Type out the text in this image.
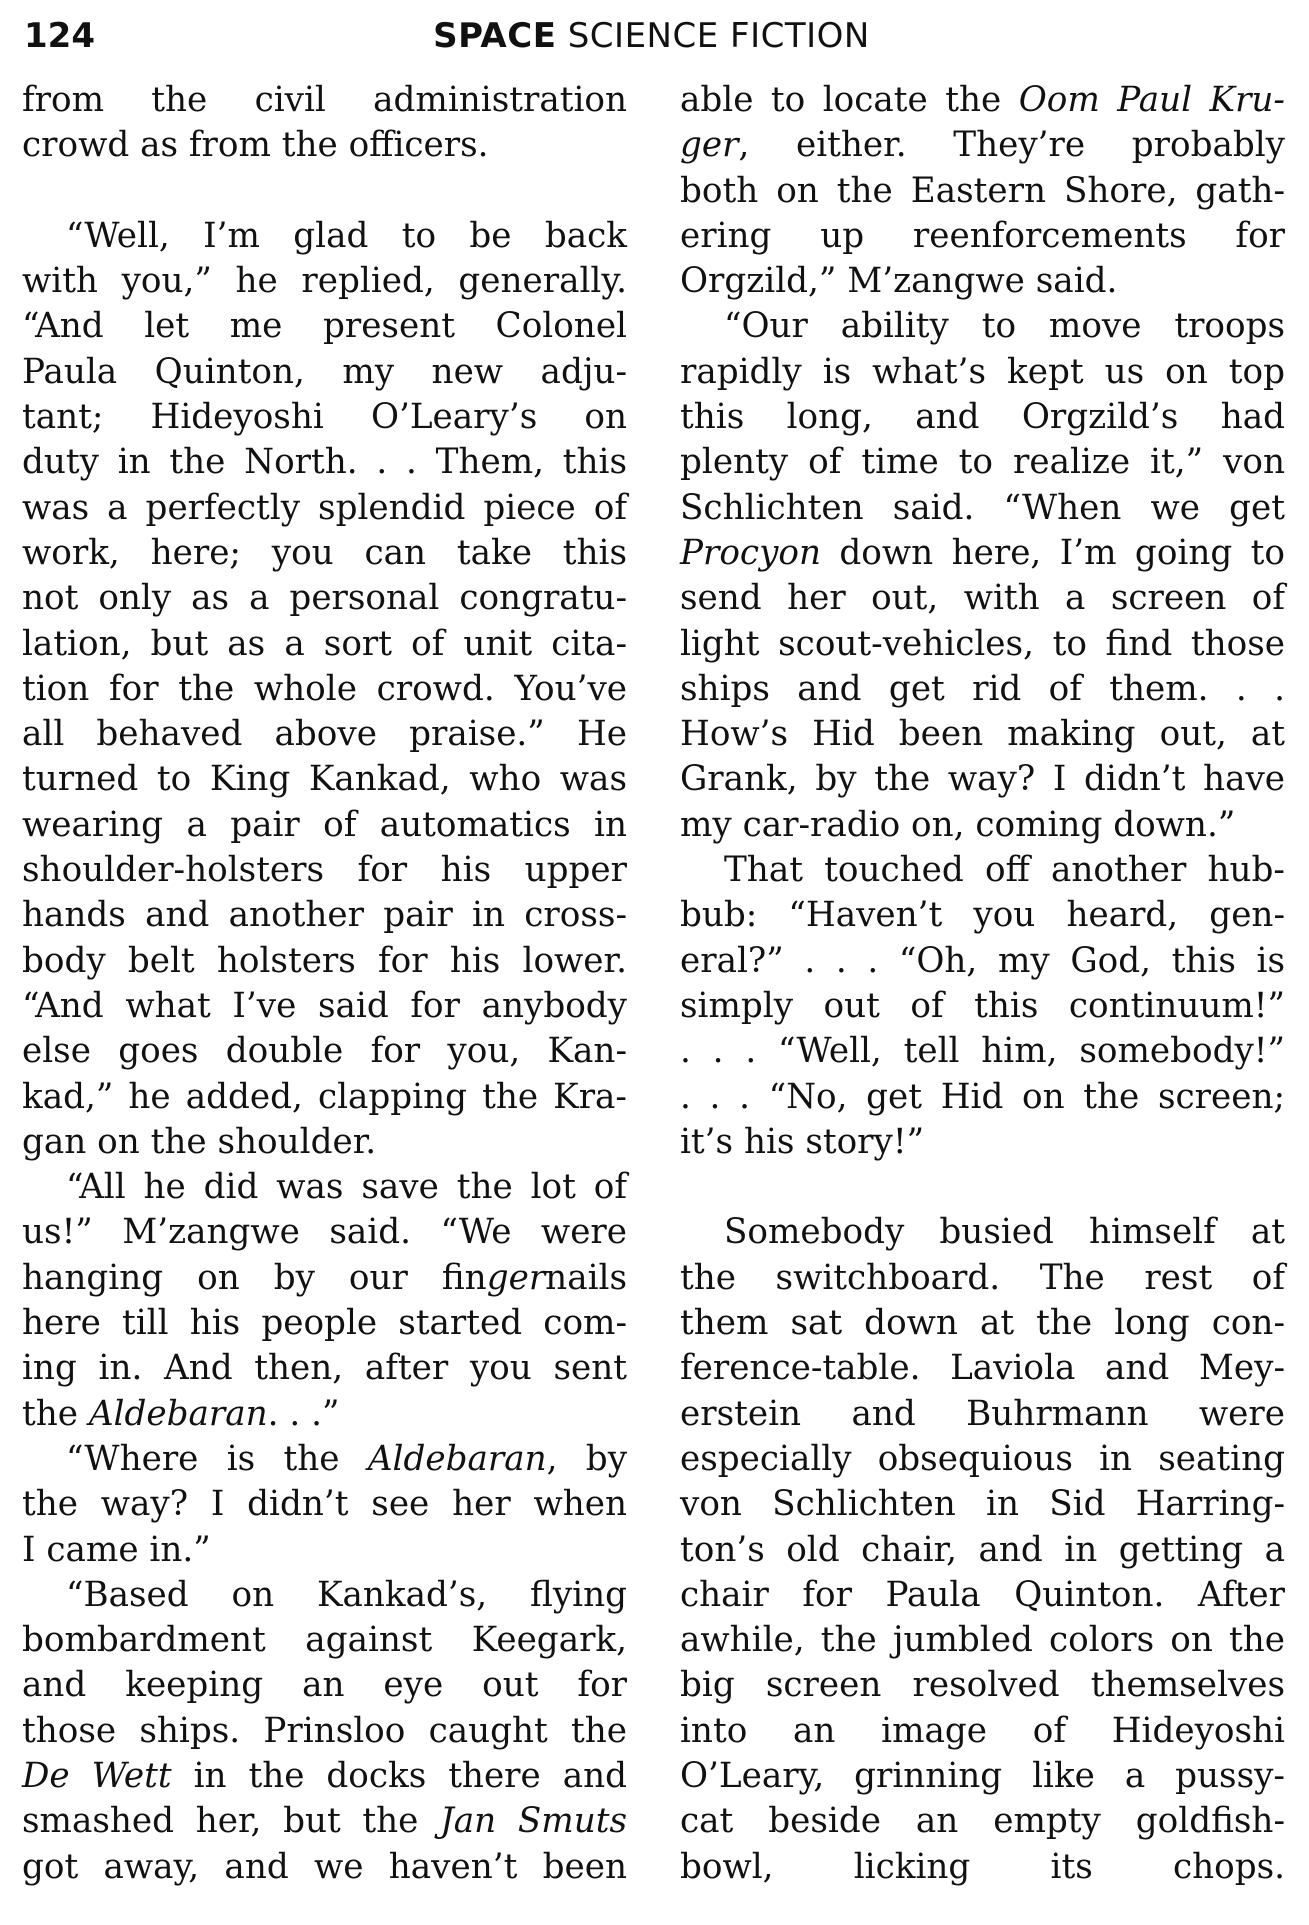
124	SPACE SCIENCE FICTION
from the civil administration
crowd as from the officers.
“Well, I’m glad to be back
with you,” he replied, generally.
“And let me present Colonel
Paula Quinton, my new adju-
tant; Hideyoshi O’Leary’s on
duty in the North. . . Them, this
was a perfectly splendid piece of
work, here; you can take this
not only as a personal congratu-
lation, but as a sort of unit cita-
tion for the whole crowd. You’ve
all behaved above praise.” He
turned to King Kankad, who was
wearing a pair of automatics in
shoulder-holsters for his upper
hands and another pair in cross-
body belt holsters for his lower.
“And what I’ve said for anybody
else goes double for you, Kan-
kad,” he added, clapping the Kra-
gan on the shoulder.
“All he did was save the lot of
us!” M’zangwe said. “We were
hanging on by our fingernails
here till his people started com-
ing in. And then, after you sent
the Aldebaran. . .”
“Where is the Aldebaran, by
the way? I didn’t see her when
I came in.”
“Based on Kankad’s, flying
bombardment against Keegark,
and keeping an eye out for
those ships. Prinsloo caught the
De Wett in the docks there and
smashed her, but the Jan Smuts
got away, and we haven’t been
able to locate the Oom Paul Kru-
ger, either. They’re probably
both on the Eastern Shore, gath-
ering up reenforcements for
Orgzild,” M’zangwe said.
“Our ability to move troops
rapidly is what’s kept us on top
this long, and Orgzild’s had
plenty of time to realize it,” von
Schlichten said. “When we get
Procyon down here, I’m going to
send her out, with a screen of
light scout-vehicles, to find those
ships and get rid of them. . .
How’s Hid been making out, at
Grank, by the way? I didn’t have
my car-radio on, coming down.”
That touched off another hub-
bub: “Haven’t you heard, gen-
eral?” . . . “Oh, my God, this is
simply out of this continuum!”
. . . “Well, tell him, somebody!”
. . . “No, get Hid on the screen;
it’s his story!”
Somebody busied himself at
the switchboard. The rest of
them sat down at the long con-
ference-table. Laviola and Mey-
erstein and Buhrmann were
especially obsequious in seating
von Schlichten in Sid Harring-
ton’s old chair, and in getting a
chair for Paula Quinton. After
awhile, the jumbled colors on the
big screen resolved themselves
into an image of Hideyoshi
O’Leary, grinning like a pussy-
cat beside an empty goldfish-
bowl, licking its chops.
